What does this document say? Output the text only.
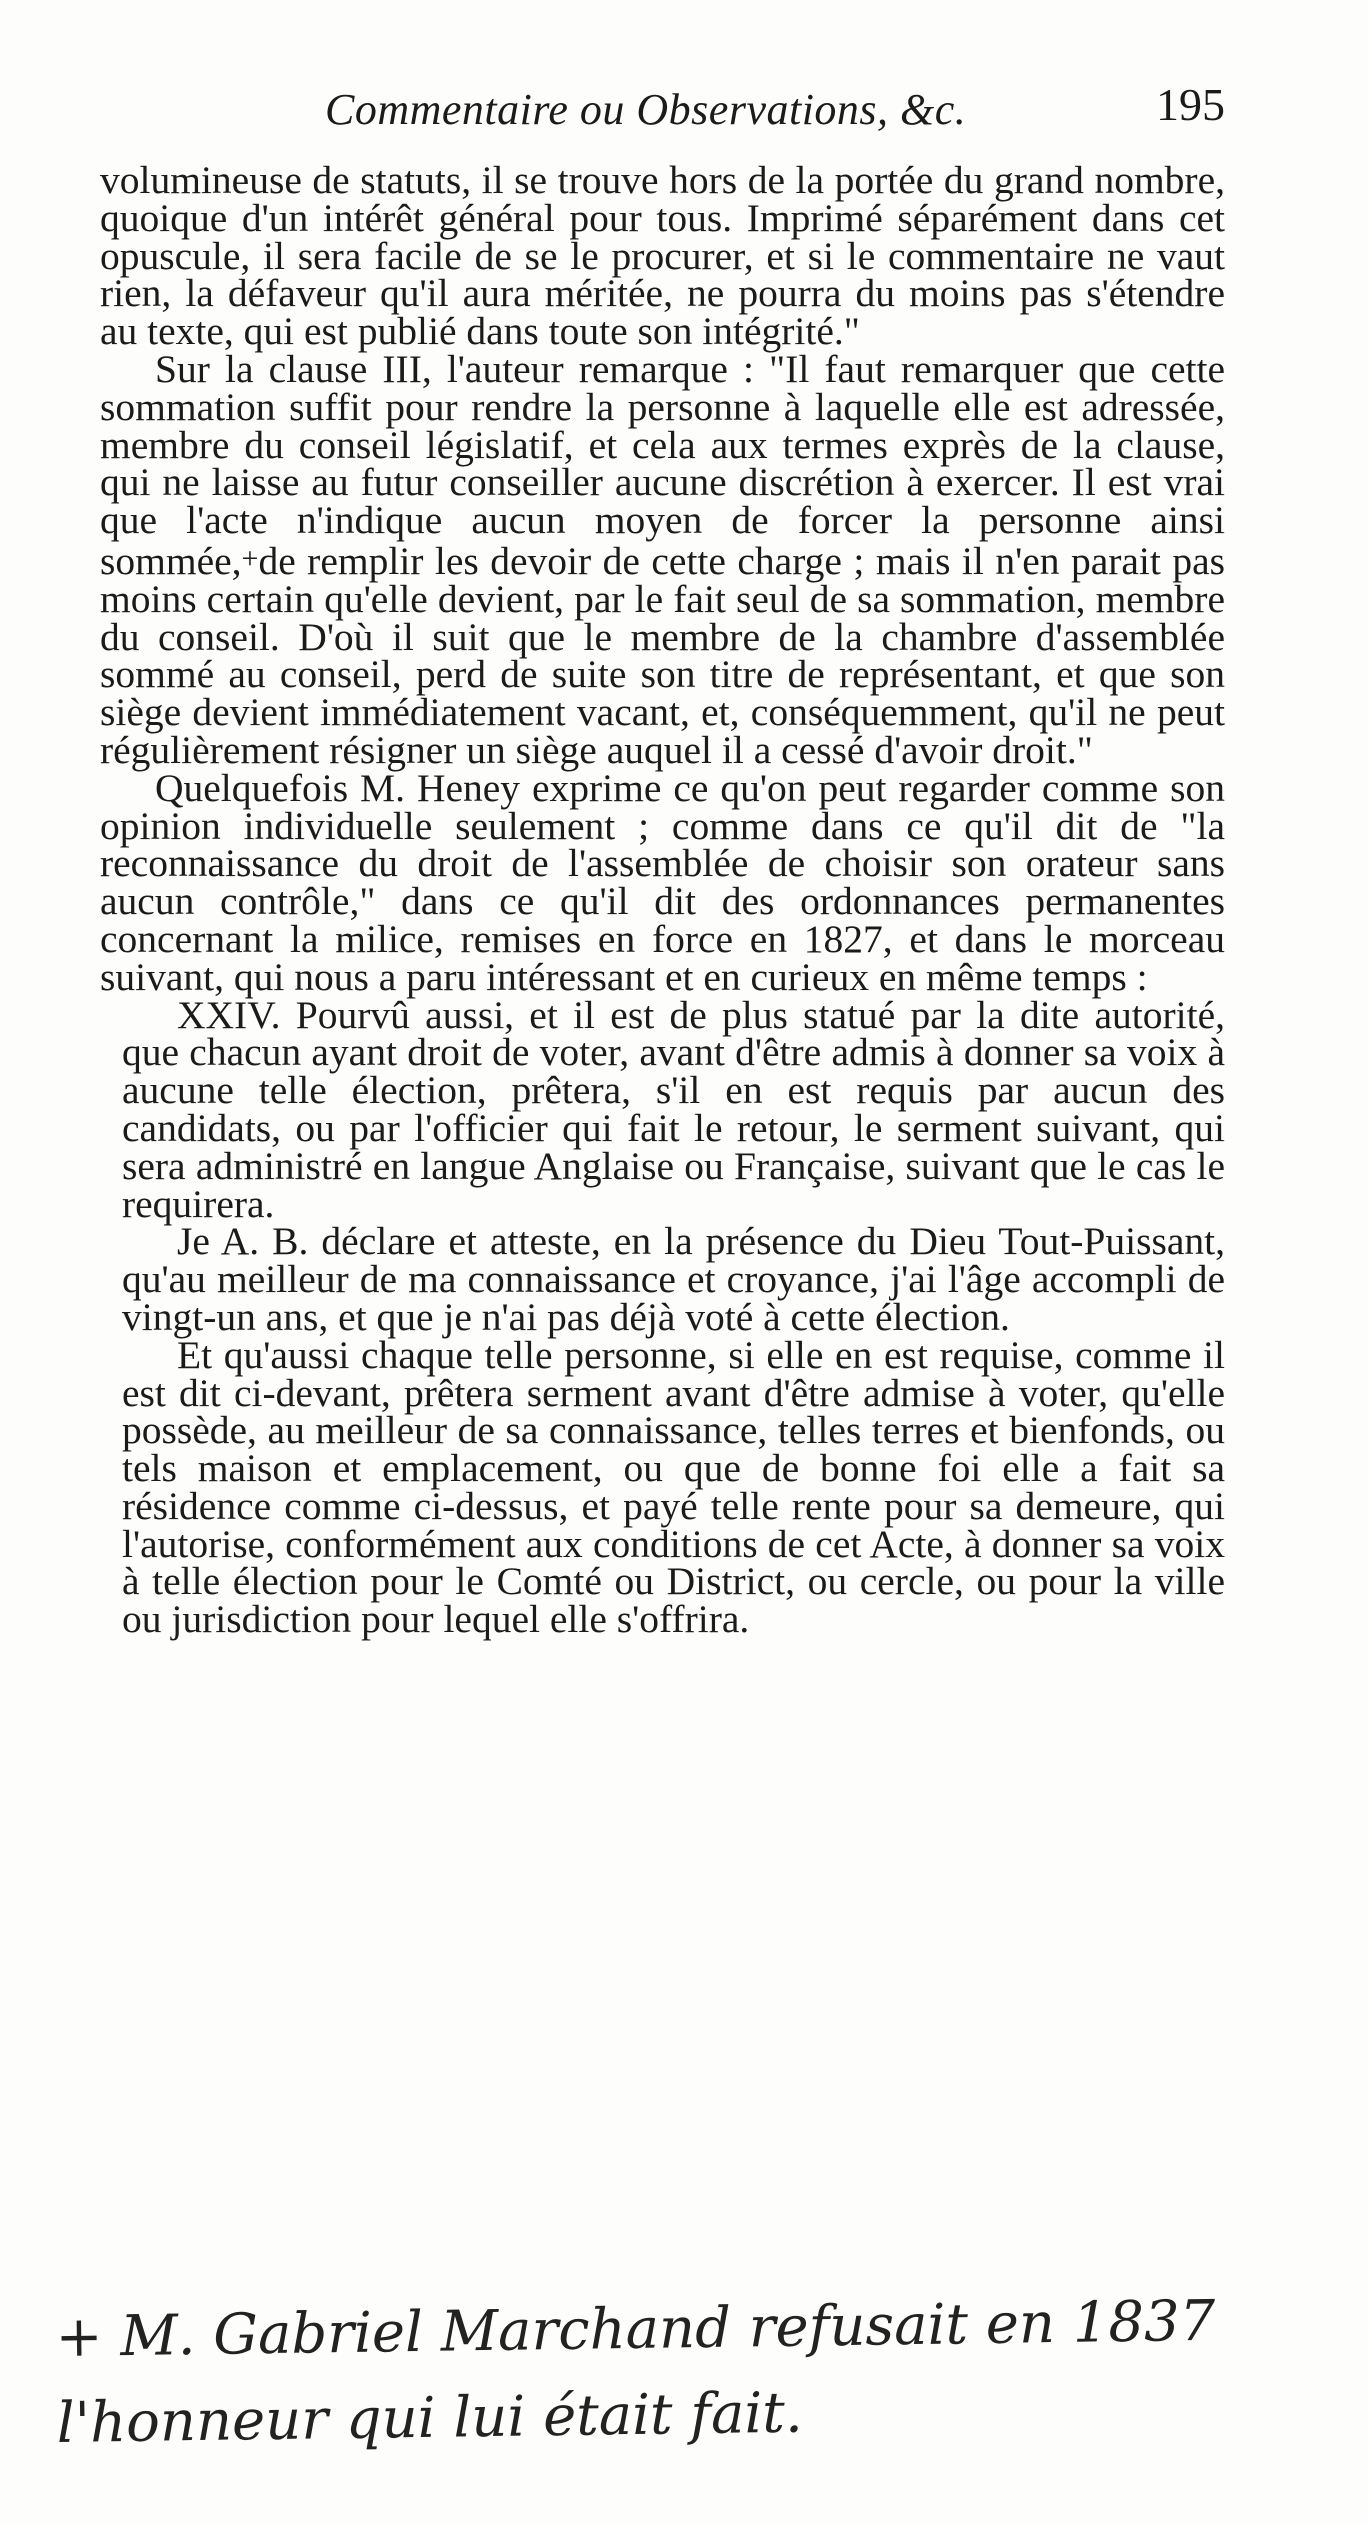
Commentaire ou Observations, &c.	195

volumineuse de statuts, il se trouve hors de la portée du grand nombre, quoique d'un intérêt général pour tous. Imprimé séparément dans cet opuscule, il sera facile de se le procurer, et si le commentaire ne vaut rien, la défaveur qu'il aura méritée, ne pourra du moins pas s'étendre au texte, qui est publié dans toute son intégrité."

Sur la clause III, l'auteur remarque : "Il faut remarquer que cette sommation suffit pour rendre la personne à laquelle elle est adressée, membre du conseil législatif, et cela aux termes exprès de la clause, qui ne laisse au futur conseiller aucune discrétion à exercer. Il est vrai que l'acte n'indique aucun moyen de forcer la personne ainsi sommée,+de remplir les devoir de cette charge ; mais il n'en parait pas moins certain qu'elle devient, par le fait seul de sa sommation, membre du conseil. D'où il suit que le membre de la chambre d'assemblée sommé au conseil, perd de suite son titre de représentant, et que son siège devient immédiatement vacant, et, conséquemment, qu'il ne peut régulièrement résigner un siège auquel il a cessé d'avoir droit."

Quelquefois M. Heney exprime ce qu'on peut regarder comme son opinion individuelle seulement ; comme dans ce qu'il dit de "la reconnaissance du droit de l'assemblée de choisir son orateur sans aucun contrôle," dans ce qu'il dit des ordonnances permanentes concernant la milice, remises en force en 1827, et dans le morceau suivant, qui nous a paru intéressant et en curieux en même temps :

XXIV. Pourvû aussi, et il est de plus statué par la dite autorité, que chacun ayant droit de voter, avant d'être admis à donner sa voix à aucune telle élection, prêtera, s'il en est requis par aucun des candidats, ou par l'officier qui fait le retour, le serment suivant, qui sera administré en langue Anglaise ou Française, suivant que le cas le requirera.

Je A. B. déclare et atteste, en la présence du Dieu Tout-Puissant, qu'au meilleur de ma connaissance et croyance, j'ai l'âge accompli de vingt-un ans, et que je n'ai pas déjà voté à cette élection.

Et qu'aussi chaque telle personne, si elle en est requise, comme il est dit ci-devant, prêtera serment avant d'être admise à voter, qu'elle possède, au meilleur de sa connaissance, telles terres et bienfonds, ou tels maison et emplacement, ou que de bonne foi elle a fait sa résidence comme ci-dessus, et payé telle rente pour sa demeure, qui l'autorise, conformément aux conditions de cet Acte, à donner sa voix à telle élection pour le Comté ou District, ou cercle, ou pour la ville ou jurisdiction pour lequel elle s'offrira.

+ M. Gabriel Marchand refusait en 1837
l'honneur qui lui était fait.
